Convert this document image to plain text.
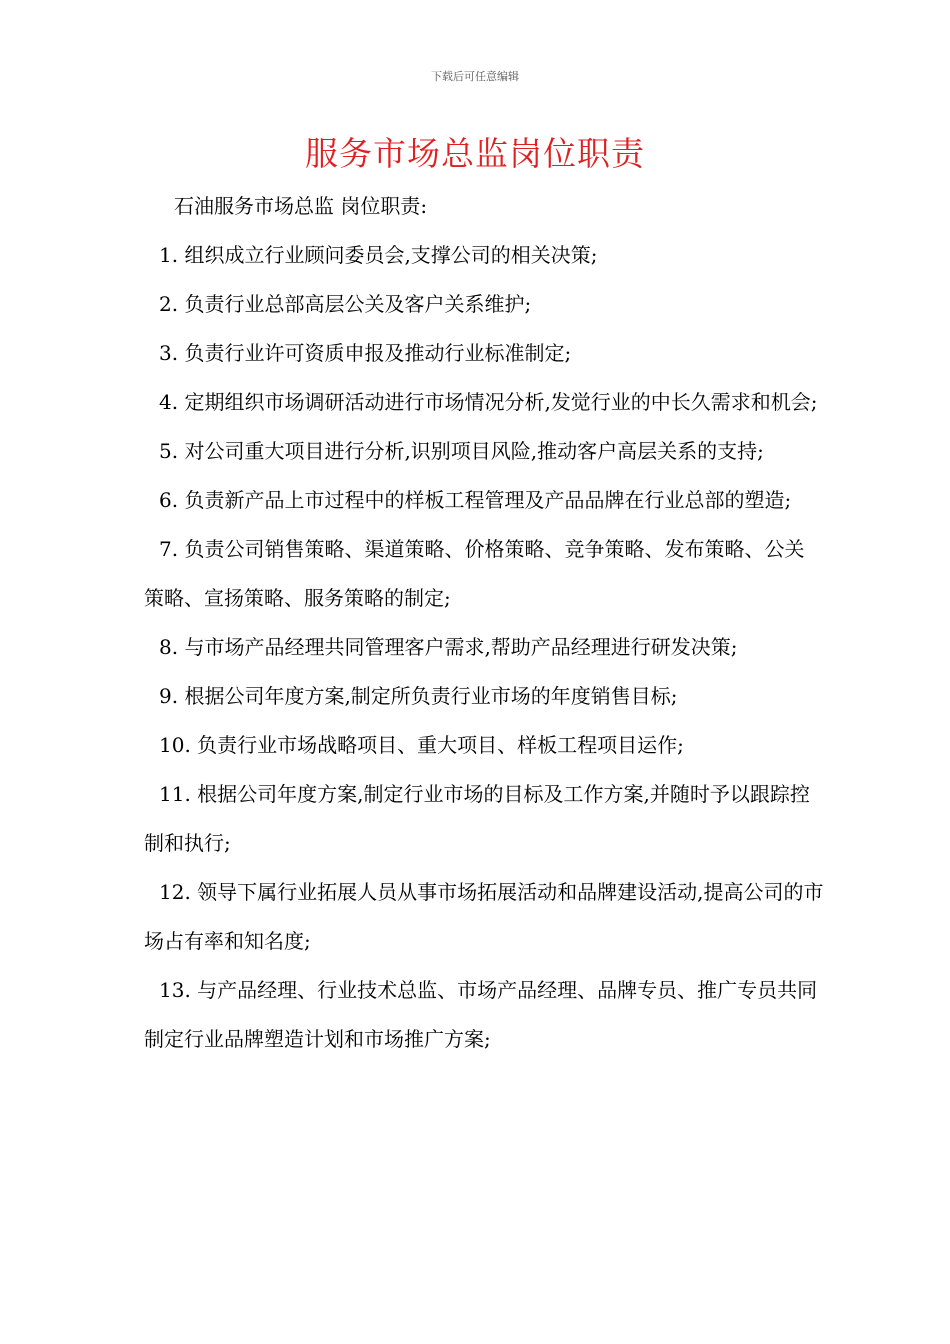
下载后可任意编辑
服务市场总监岗位职责
石油服务市场总监 岗位职责:

1. 组织成立行业顾问委员会,支撑公司的相关决策;

2. 负责行业总部高层公关及客户关系维护;

3. 负责行业许可资质申报及推动行业标准制定;

4. 定期组织市场调研活动进行市场情况分析,发觉行业的中长久需求和机会;

5. 对公司重大项目进行分析,识别项目风险,推动客户高层关系的支持;

6. 负责新产品上市过程中的样板工程管理及产品品牌在行业总部的塑造;

7. 负责公司销售策略、渠道策略、价格策略、竞争策略、发布策略、公关策略、宣扬策略、服务策略的制定;

8. 与市场产品经理共同管理客户需求,帮助产品经理进行研发决策;

9. 根据公司年度方案,制定所负责行业市场的年度销售目标;

10. 负责行业市场战略项目、重大项目、样板工程项目运作;

11. 根据公司年度方案,制定行业市场的目标及工作方案,并随时予以跟踪控制和执行;

12. 领导下属行业拓展人员从事市场拓展活动和品牌建设活动,提高公司的市场占有率和知名度;

13. 与产品经理、行业技术总监、市场产品经理、品牌专员、推广专员共同制定行业品牌塑造计划和市场推广方案;
